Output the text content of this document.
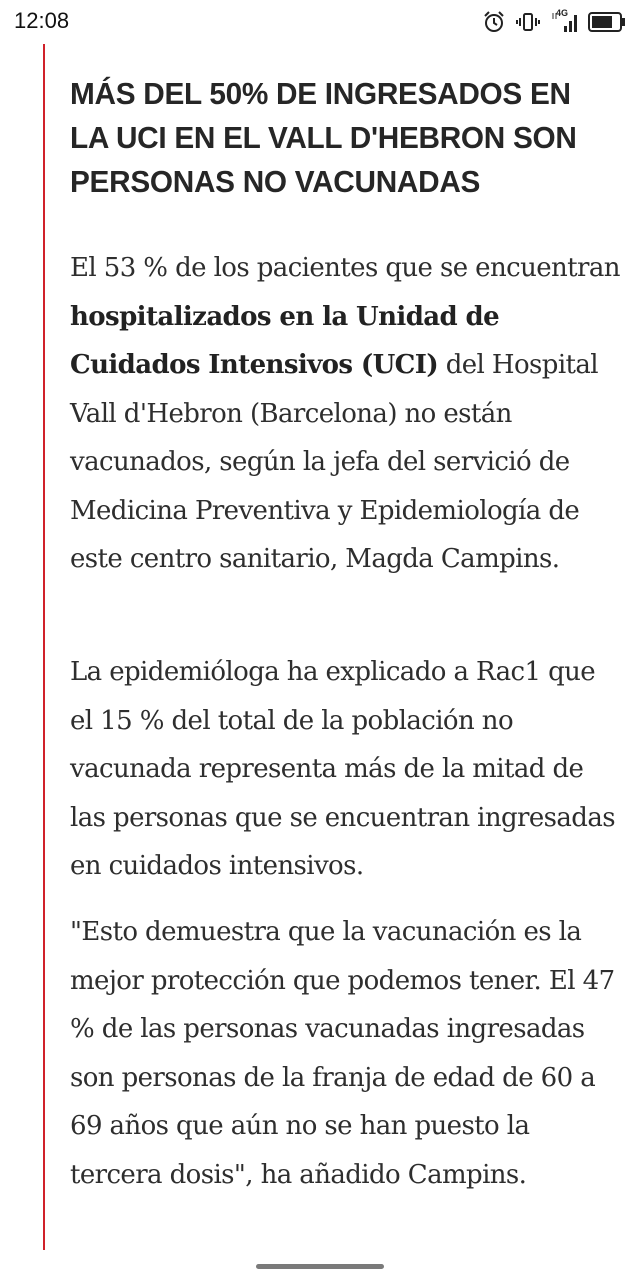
12:08	4G
MÁS DEL 50% DE INGRESADOS EN LA UCI EN EL VALL D'HEBRON SON PERSONAS NO VACUNADAS

El 53 % de los pacientes que se encuentran hospitalizados en la Unidad de Cuidados Intensivos (UCI) del Hospital Vall d'Hebron (Barcelona) no están vacunados, según la jefa del servició de Medicina Preventiva y Epidemiología de este centro sanitario, Magda Campins.

La epidemióloga ha explicado a Rac1 que el 15 % del total de la población no vacunada representa más de la mitad de las personas que se encuentran ingresadas en cuidados intensivos.

"Esto demuestra que la vacunación es la mejor protección que podemos tener. El 47 % de las personas vacunadas ingresadas son personas de la franja de edad de 60 a 69 años que aún no se han puesto la tercera dosis", ha añadido Campins.
